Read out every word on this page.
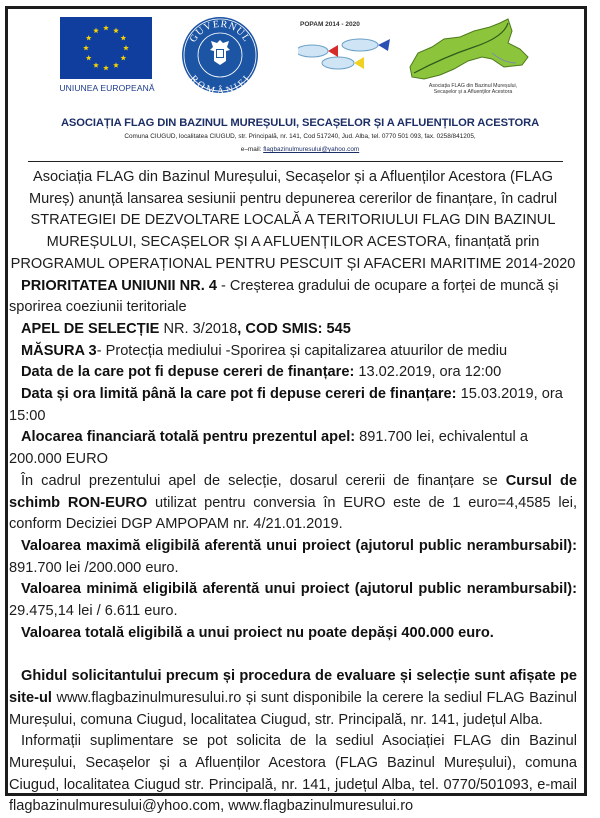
UNIUNEA EUROPEANĂ
GUVERNUL
ROMÂNIEI
POPAM 2014 - 2020
Asociația FLAG din Bazinul Mureșului,
Secașelor și a Afluenților Acestora
ASOCIAȚIA FLAG DIN BAZINUL MUREȘULUI, SECAȘELOR ȘI A AFLUENȚILOR ACESTORA
Comuna CIUGUD, localitatea CIUGUD, str. Principală, nr. 141, Cod 517240, Jud. Alba, tel. 0770 501 093, fax. 0258/841205,
e–mail: flagbazinulmuresului@yahoo.com

Asociația FLAG din Bazinul Mureșului, Secașelor și a Afluenților Acestora (FLAG Mureș) anunță lansarea sesiunii pentru depunerea cererilor de finanțare, în cadrul STRATEGIEI DE DEZVOLTARE LOCALĂ A TERITORIULUI FLAG DIN BAZINUL MUREȘULUI, SECAȘELOR ȘI A AFLUENȚILOR ACESTORA, finanțată prin PROGRAMUL OPERAȚIONAL PENTRU PESCUIT ȘI AFACERI MARITIME 2014-2020

PRIORITATEA UNIUNII NR. 4 - Creșterea gradului de ocupare a forței de muncă și sporirea coeziunii teritoriale

APEL DE SELECȚIE NR. 3/2018, COD SMIS: 545

MĂSURA 3- Protecția mediului -Sporirea și capitalizarea atuurilor de mediu

Data de la care pot fi depuse cereri de finanțare: 13.02.2019, ora 12:00

Data și ora limită până la care pot fi depuse cereri de finanțare: 15.03.2019, ora 15:00

Alocarea financiară totală pentru prezentul apel: 891.700 lei, echivalentul a 200.000 EURO

În cadrul prezentului apel de selecție, dosarul cererii de finanțare se Cursul de schimb RON-EURO utilizat pentru conversia în EURO este de 1 euro=4,4585 lei, conform Deciziei DGP AMPOPAM nr. 4/21.01.2019.

Valoarea maximă eligibilă aferentă unui proiect (ajutorul public nerambursabil): 891.700 lei /200.000 euro.

Valoarea minimă eligibilă aferentă unui proiect (ajutorul public nerambursabil): 29.475,14 lei / 6.611 euro.

Valoarea totală eligibilă a unui proiect nu poate depăși 400.000 euro.

Ghidul solicitantului precum și procedura de evaluare și selecție sunt afișate pe site-ul www.flagbazinulmuresului.ro și sunt disponibile la cerere la sediul FLAG Bazinul Mureșului, comuna Ciugud, localitatea Ciugud, str. Principală, nr. 141, județul Alba.

Informații suplimentare se pot solicita de la sediul Asociației FLAG din Bazinul Mureșului, Secașelor și a Afluenților Acestora (FLAG Bazinul Mureșului), comuna Ciugud, localitatea Ciugud str. Principală, nr. 141, județul Alba, tel. 0770/501093, e-mail flagbazinulmuresului@yhoo.com, www.flagbazinulmuresului.ro
